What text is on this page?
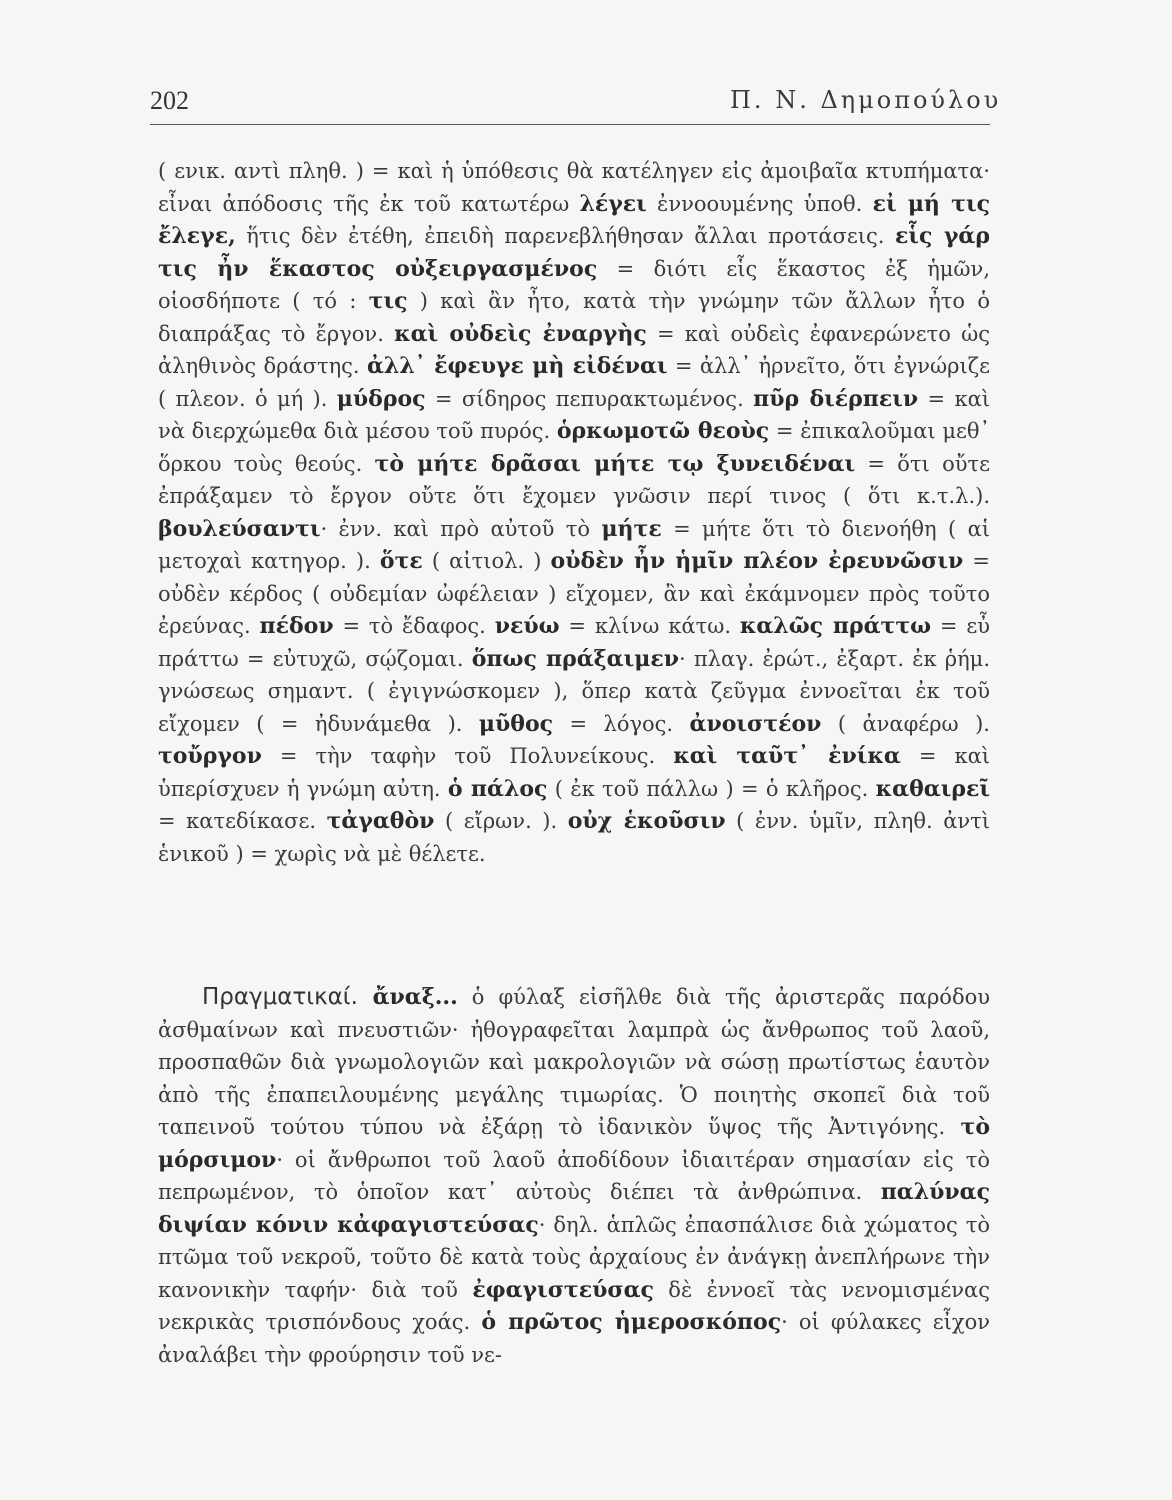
202	Π. Ν. Δημοπούλου
( ενικ. αντὶ πληθ. ) = καὶ ἡ ὑπόθεσις θὰ κατέληγεν εἰς ἀμοιβαῖα κτυπήματα· εἶναι ἀπόδοσις τῆς ἐκ τοῦ κατωτέρω λέγει ἐννοουμένης ὑποθ. εἰ μή τις ἔλεγε, ἥτις δὲν ἐτέθη, ἐπειδὴ παρενεβλήθησαν ἄλλαι προτάσεις. εἷς γάρ τις ἦν ἕκαστος οὐξειργασμένος = διότι εἷς ἕκαστος ἐξ ἡμῶν, οἱοσδήποτε ( τό : τις ) καὶ ἂν ἦτο, κατὰ τὴν γνώμην τῶν ἄλλων ἦτο ὁ διαπράξας τὸ ἔργον. καὶ οὐδεὶς ἐναργὴς = καὶ οὐδεὶς ἐφανερώνετο ὡς ἀληθινὸς δράστης. ἀλλ᾽ ἔφευγε μὴ εἰδέναι = ἀλλ᾽ ἠρνεῖτο, ὅτι ἐγνώριζε ( πλεον. ὁ μή ). μύδρος = σίδηρος πεπυρακτωμένος. πῦρ διέρπειν = καὶ νὰ διερχώμεθα διὰ μέσου τοῦ πυρός. ὁρκωμοτῶ θεοὺς = ἐπικαλοῦμαι μεθ᾽ ὅρκου τοὺς θεούς. τὸ μήτε δρᾶσαι μήτε τῳ ξυνειδέναι = ὅτι οὔτε ἐπράξαμεν τὸ ἔργον οὔτε ὅτι ἔχομεν γνῶσιν περί τινος ( ὅτι κ.τ.λ.). βουλεύσαντι· ἐνν. καὶ πρὸ αὐτοῦ τὸ μήτε = μήτε ὅτι τὸ διενοήθη ( αἱ μετοχαὶ κατηγορ. ). ὅτε ( αἰτιολ. ) οὐδὲν ἦν ἡμῖν πλέον ἐρευνῶσιν = οὐδὲν κέρδος ( οὐδεμίαν ὠφέλειαν ) εἴχομεν, ἂν καὶ ἐκάμνομεν πρὸς τοῦτο ἐρεύνας. πέδον = τὸ ἔδαφος. νεύω = κλίνω κάτω. καλῶς πράττω = εὖ πράττω = εὐτυχῶ, σῴζομαι. ὅπως πράξαιμεν· πλαγ. ἐρώτ., ἐξαρτ. ἐκ ῥήμ. γνώσεως σημαντ. ( ἐγιγνώσκομεν ), ὅπερ κατὰ ζεῦγμα ἐννοεῖται ἐκ τοῦ εἴχομεν ( = ἠδυνάμεθα ). μῦθος = λόγος. ἀνοιστέον ( ἀναφέρω ). τοὔργον = τὴν ταφὴν τοῦ Πολυνείκους. καὶ ταῦτ᾽ ἐνίκα = καὶ ὑπερίσχυεν ἡ γνώμη αὐτη. ὁ πάλος ( ἐκ τοῦ πάλλω ) = ὁ κλῆρος. καθαιρεῖ = κατεδίκασε. τἀγαθὸν ( εἴρων. ). οὐχ ἑκοῦσιν ( ἐνν. ὑμῖν, πληθ. ἀντὶ ἑνικοῦ ) = χωρὶς νὰ μὲ θέλετε.
Πραγματικαί. ἄναξ... ὁ φύλαξ εἰσῆλθε διὰ τῆς ἀριστερᾶς παρόδου ἀσθμαίνων καὶ πνευστιῶν· ἠθογραφεῖται λαμπρὰ ὡς ἄνθρωπος τοῦ λαοῦ, προσπαθῶν διὰ γνωμολογιῶν καὶ μακρολογιῶν νὰ σώσῃ πρωτίστως ἑαυτὸν ἀπὸ τῆς ἐπαπειλουμένης μεγάλης τιμωρίας. Ὁ ποιητὴς σκοπεῖ διὰ τοῦ ταπεινοῦ τούτου τύπου νὰ ἐξάρῃ τὸ ἰδανικὸν ὕψος τῆς Ἀντιγόνης. τὸ μόρσιμον· οἱ ἄνθρωποι τοῦ λαοῦ ἀποδίδουν ἰδιαιτέραν σημασίαν εἰς τὸ πεπρωμένον, τὸ ὁποῖον κατ᾽ αὐτοὺς διέπει τὰ ἀνθρώπινα. παλύνας διψίαν κόνιν κἀφαγιστεύσας· δηλ. ἁπλῶς ἐπασπάλισε διὰ χώματος τὸ πτῶμα τοῦ νεκροῦ, τοῦτο δὲ κατὰ τοὺς ἀρχαίους ἐν ἀνάγκῃ ἀνεπλήρωνε τὴν κανονικὴν ταφήν· διὰ τοῦ ἐφαγιστεύσας δὲ ἐννοεῖ τὰς νενομισμένας νεκρικὰς τρισπόνδους χοάς. ὁ πρῶτος ἡμεροσκόπος· οἱ φύλακες εἶχον ἀναλάβει τὴν φρούρησιν τοῦ νε-
